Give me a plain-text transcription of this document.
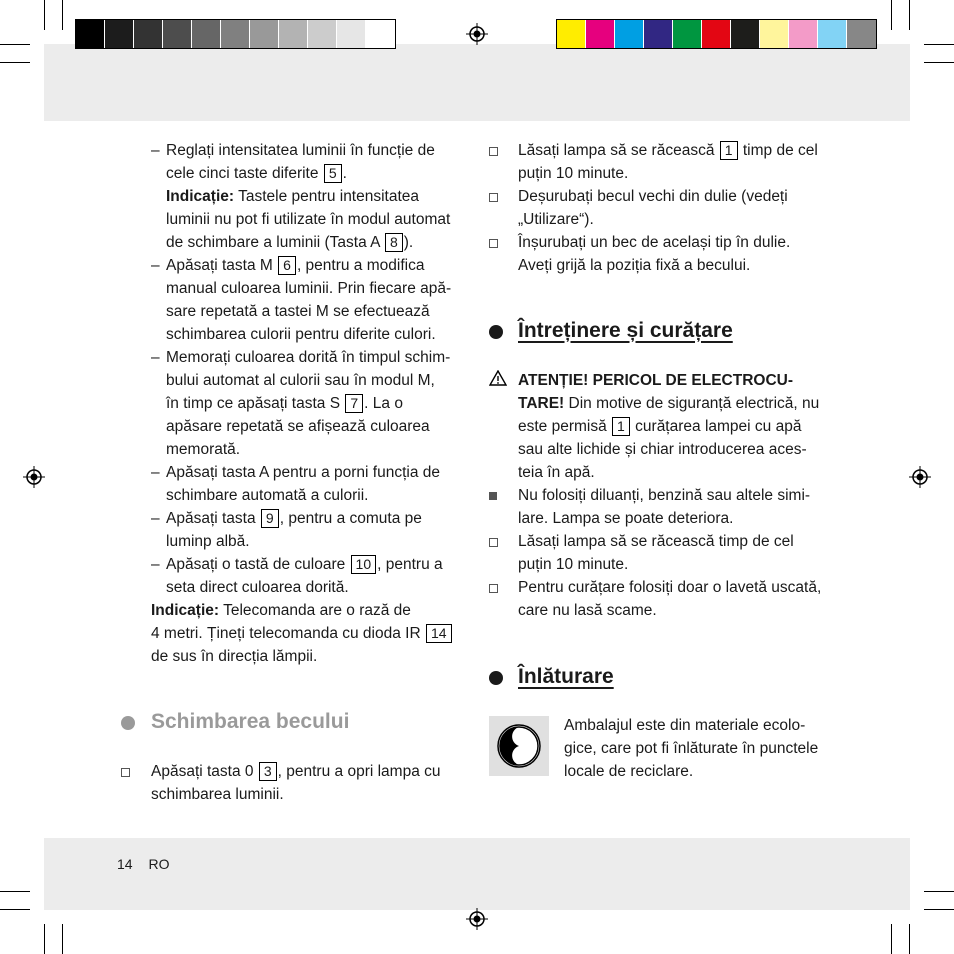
– Reglați intensitatea luminii în funcție de
cele cinci taste diferite 5 .
Indicație: Tastele pentru intensitatea
luminii nu pot fi utilizate în modul automat
de schimbare a luminii (Tasta A 8 ).
– Apăsați tasta M 6 , pentru a modifica
manual culoarea luminii. Prin fiecare apă-
sare repetată a tastei M se efectuează
schimbarea culorii pentru diferite culori.
– Memorați culoarea dorită în timpul schim-
bului automat al culorii sau în modul M,
în timp ce apăsați tasta S 7 . La o
apăsare repetată se afișează culoarea
memorată.
– Apăsați tasta A pentru a porni funcția de
schimbare automată a culorii.
– Apăsați tasta 9 , pentru a comuta pe
luminp albă.
– Apăsați o tastă de culoare 10 , pentru a
seta direct culoarea dorită.
Indicație: Telecomanda are o rază de
4 metri. Țineți telecomanda cu dioda IR 14
de sus în direcția lămpii.
Schimbarea becului
Apăsați tasta 0 3 , pentru a opri lampa cu
schimbarea luminii.
Lăsați lampa să se răcească 1 timp de cel
puțin 10 minute.
Deșurubați becul vechi din dulie (vedeți
„Utilizare“).
Înșurubați un bec de același tip în dulie.
Aveți grijă la poziția fixă a becului.
Întreținere și curățare
ATENȚIE! PERICOL DE ELECTROCU-
TARE! Din motive de siguranță electrică, nu
este permisă 1 curățarea lampei cu apă
sau alte lichide și chiar introducerea aces-
teia în apă.
Nu folosiți diluanți, benzină sau altele simi-
lare. Lampa se poate deteriora.
Lăsați lampa să se răcească timp de cel
puțin 10 minute.
Pentru curățare folosiți doar o lavetă uscată,
care nu lasă scame.
Înlăturare
Ambalajul este din materiale ecolo-
gice, care pot fi înlăturate în punctele
locale de reciclare.
14 RO
